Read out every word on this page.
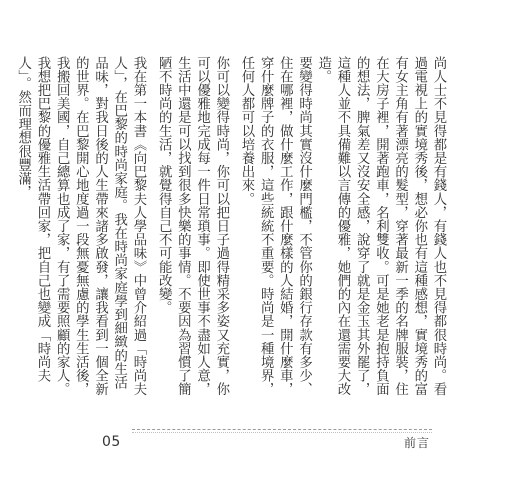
尚人士不見得都是有錢人，有錢人也不見得都很時尚。看過電視上的實境秀後，想必你也有這種感想，實境秀的富有女主角有著漂亮的髮型，穿著最新一季的名牌服裝，住在大房子裡，開著跑車，名利雙收。可是她老是抱持負面的想法，脾氣差又沒安全感，說穿了就是金玉其外罷了，這種人並不具備難以言傳的優雅，她們的內在還需要大改造。

要變得時尚其實沒什麼門檻，不管你的銀行存款有多少、住在哪裡，做什麼工作，跟什麼樣的人結婚，開什麼車，穿什麼牌子的衣服，這些統統不重要。時尚是一種境界，任何人都可以培養出來。

你可以變得時尚，你可以把日子過得精采多姿又充實，你可以優雅地完成每一件日常瑣事。即使世事不盡如人意，生活中還是可以找到很多快樂的事情。不要因為習慣了簡陋不時尚的生活，就覺得自己不可能改變。

我在第一本書《向巴黎夫人學品味》中曾介紹過「時尚夫人」，在巴黎的時尚家庭。我在時尚家庭學到細緻的生活品味，對我日後的人生帶來諸多啟發，讓我看到一個全新的世界。在巴黎開心地度過一段無憂無慮的學生生活後，我搬回美國，自己總算也成了家，有了需要照顧的家人。我想把巴黎的優雅生活帶回家，把自己也變成「時尚夫人」。然而理想很豐滿，

05	前言
